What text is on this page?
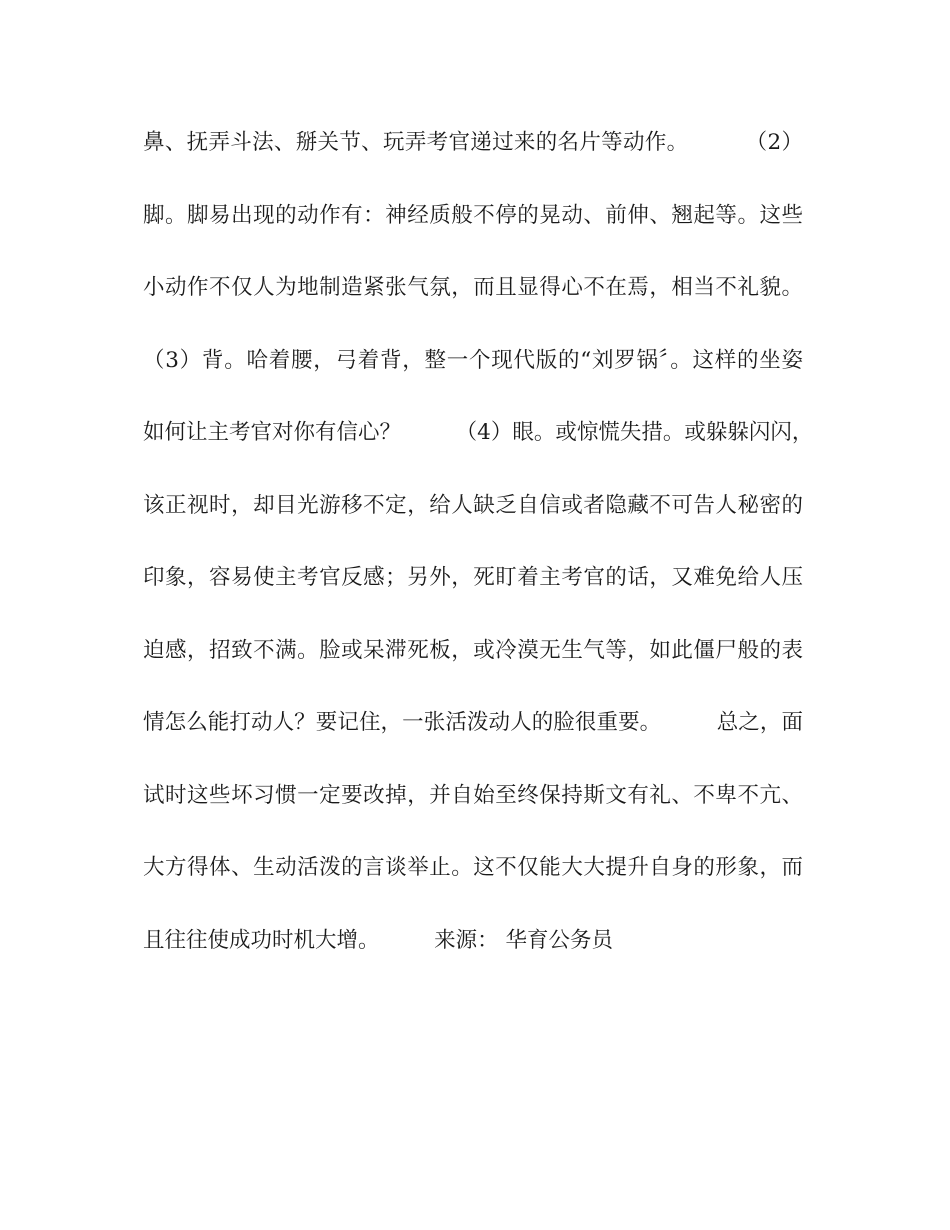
鼻、抚弄斗法、掰关节、玩弄考官递过来的名片等动作。        （2）
脚。脚易出现的动作有：神经质般不停的晃动、前伸、翘起等。这些
小动作不仅人为地制造紧张气氛，而且显得心不在焉，相当不礼貌。
（3）背。哈着腰，弓着背，整一个现代版的“刘罗锅〞。这样的坐姿
如何让主考官对你有信心？        （4）眼。或惊慌失措。或躲躲闪闪，
该正视时，却目光游移不定，给人缺乏自信或者隐藏不可告人秘密的
印象，容易使主考官反感；另外，死盯着主考官的话，又难免给人压
迫感，招致不满。脸或呆滞死板，或冷漠无生气等，如此僵尸般的表
情怎么能打动人？要记住，一张活泼动人的脸很重要。        总之，面
试时这些坏习惯一定要改掉，并自始至终保持斯文有礼、不卑不亢、
大方得体、生动活泼的言谈举止。这不仅能大大提升自身的形象，而
且往往使成功时机大增。        来源： 华育公务员
